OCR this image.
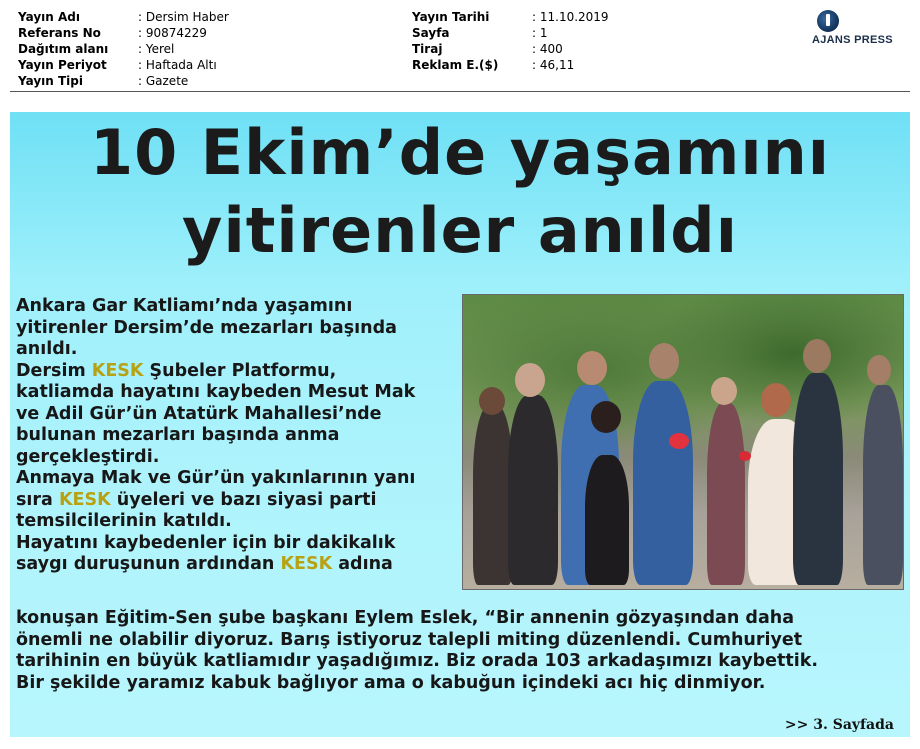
Yayın Adı	: Dersim Haber
Referans No	: 90874229
Dağıtım alanı : Yerel
Yayın Periyot	: Haftada Altı
Yayın Tipi	: Gazete
Yayın Tarihi	: 11.10.2019
Sayfa	: 1
Tiraj	: 400
Reklam E.($)	: 46,11
AJANS PRESS
10 Ekim’de yaşamını
yitirenler anıldı
Ankara Gar Katliamı’nda yaşamını
yitirenler Dersim’de mezarları başında
anıldı.
Dersim KESK Şubeler Platformu,
katliamda hayatını kaybeden Mesut Mak
ve Adil Gür’ün Atatürk Mahallesi’nde
bulunan mezarları başında anma
gerçekleştirdi.
Anmaya Mak ve Gür’ün yakınlarının yanı
sıra KESK üyeleri ve bazı siyasi parti
temsilcilerinin katıldı.
Hayatını kaybedenler için bir dakikalık
saygı duruşunun ardından KESK adına
konuşan Eğitim-Sen şube başkanı Eylem Eslek, “Bir annenin gözyaşından daha
önemli ne olabilir diyoruz. Barış istiyoruz talepli miting düzenlendi. Cumhuriyet
tarihinin en büyük katliamıdır yaşadığımız. Biz orada 103 arkadaşımızı kaybettik.
Bir şekilde yaramız kabuk bağlıyor ama o kabuğun içindeki acı hiç dinmiyor.
>> 3. Sayfada
